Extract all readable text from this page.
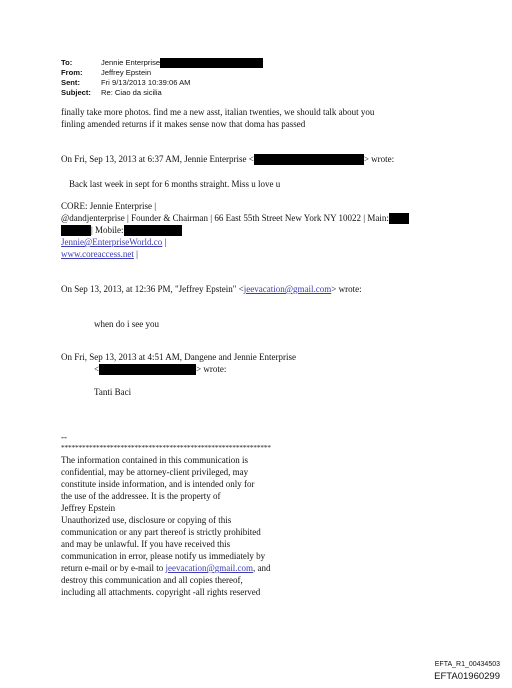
To:	Jennie Enterprise
From:	Jeffrey Epstein
Sent:	Fri 9/13/2013 10:39:06 AM
Subject:	Re: Ciao da sicilia
finally take more photos. find me a new asst, italian twenties, we should talk about you
finling amended returns if it makes sense now that doma has passed
On Fri, Sep 13, 2013 at 6:37 AM, Jennie Enterprise <	> wrote:
Back last week in sept for 6 months straight. Miss u love u
CORE: Jennie Enterprise |
@dandjenterprise | Founder & Chairman | 66 East 55th Street New York NY 10022 | Main:
| Mobile:
Jennie@EnterpriseWorld.co |
www.coreaccess.net |
On Sep 13, 2013, at 12:36 PM, "Jeffrey Epstein" <jeevacation@gmail.com> wrote:
when do i see you
On Fri, Sep 13, 2013 at 4:51 AM, Dangene and Jennie Enterprise
<	> wrote:
Tanti Baci
--
************************************************************
The information contained in this communication is
confidential, may be attorney-client privileged, may
constitute inside information, and is intended only for
the use of the addressee. It is the property of
Jeffrey Epstein
Unauthorized use, disclosure or copying of this
communication or any part thereof is strictly prohibited
and may be unlawful. If you have received this
communication in error, please notify us immediately by
return e-mail or by e-mail to jeevacation@gmail.com, and
destroy this communication and all copies thereof,
including all attachments. copyright -all rights reserved
EFTA_R1_00434503
EFTA01960299
